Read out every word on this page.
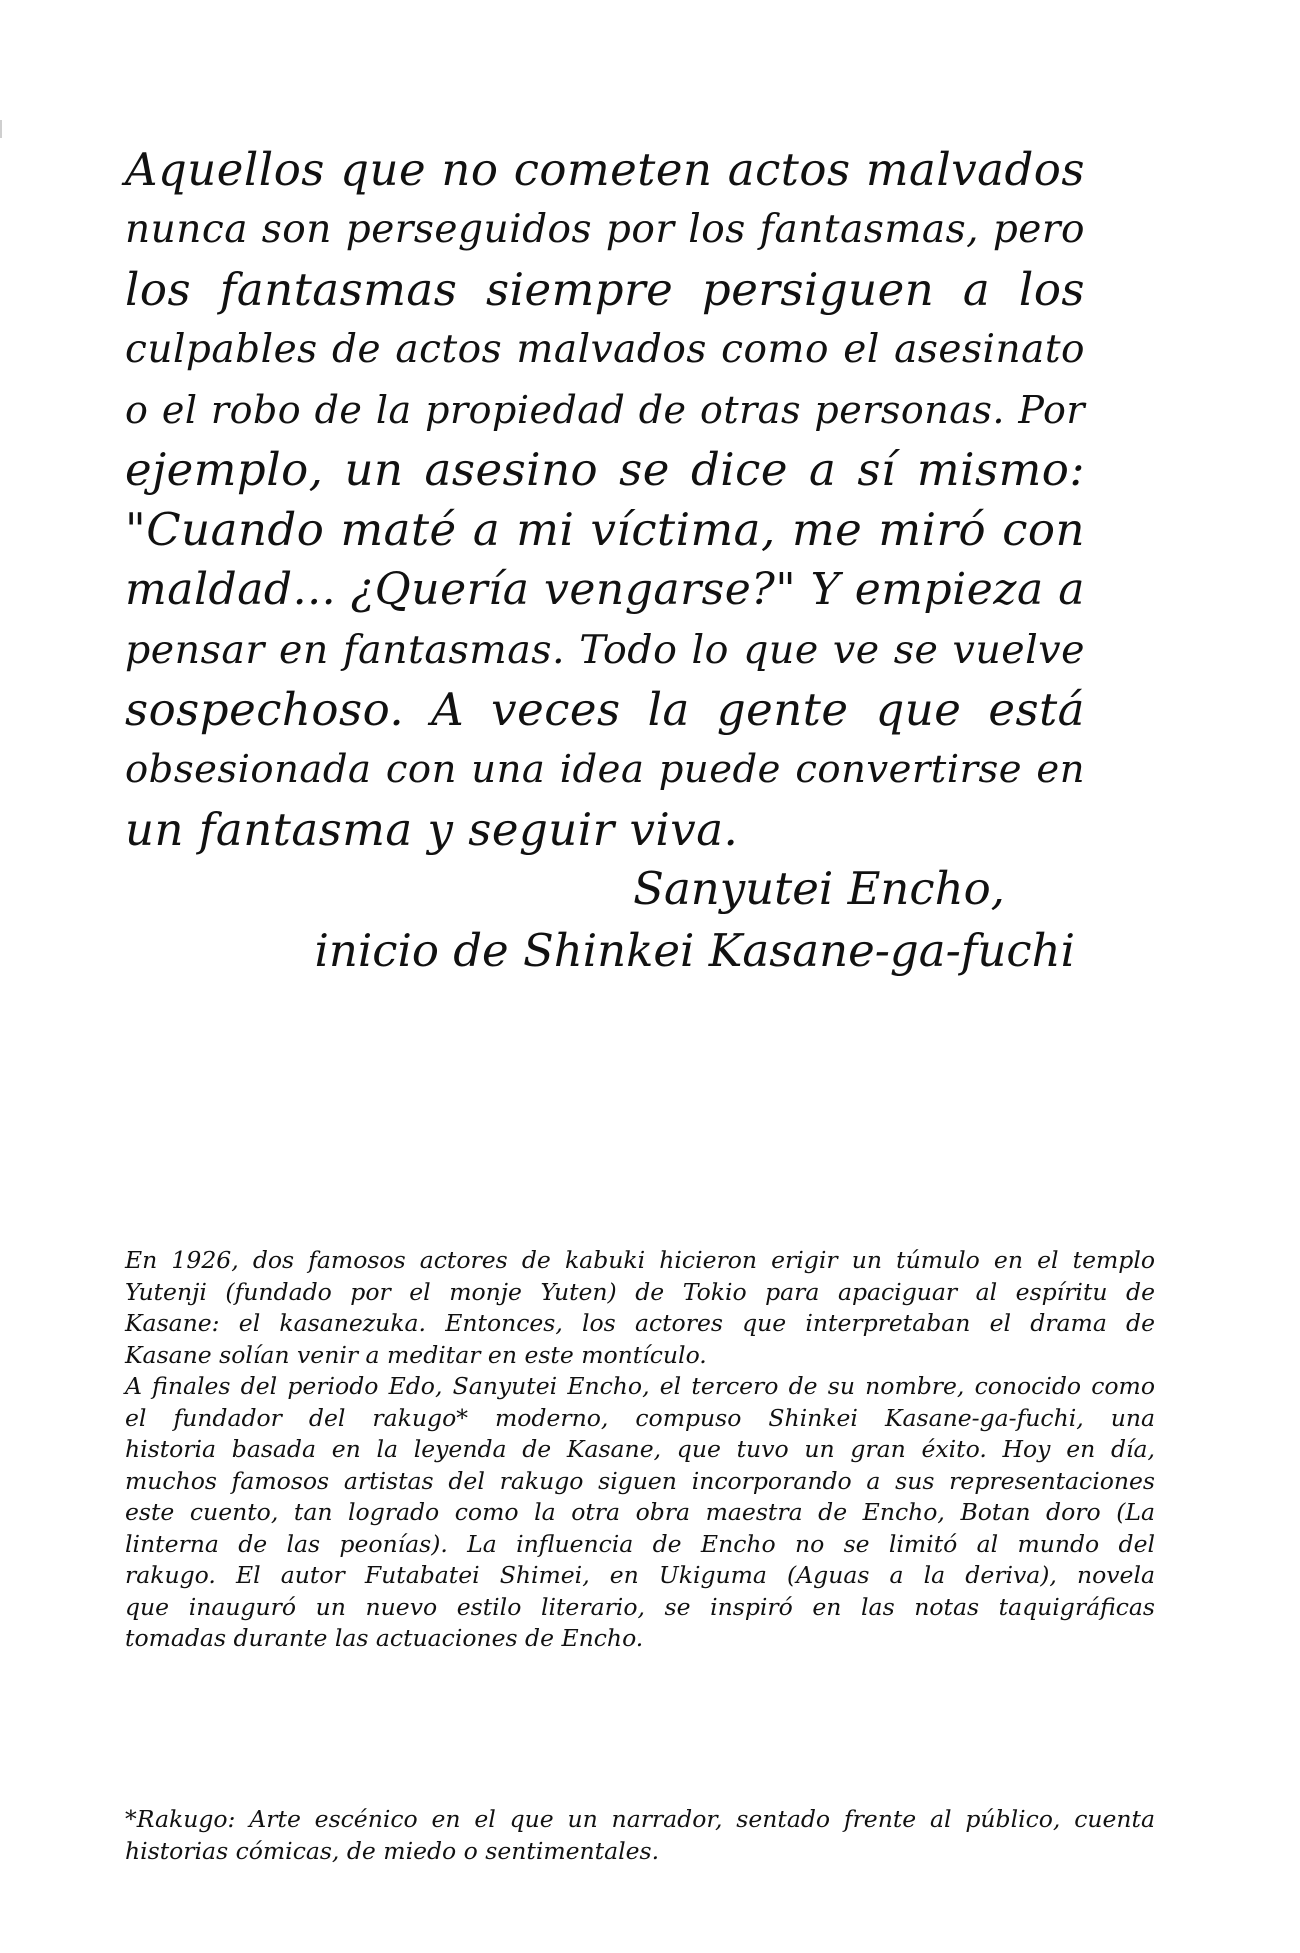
Aquellos que no cometen actos malvados
nunca son perseguidos por los fantasmas, pero
los fantasmas siempre persiguen a los
culpables de actos malvados como el asesinato
o el robo de la propiedad de otras personas. Por
ejemplo, un asesino se dice a sí mismo:
"Cuando maté a mi víctima, me miró con
maldad... ¿Quería vengarse?" Y empieza a
pensar en fantasmas. Todo lo que ve se vuelve
sospechoso. A veces la gente que está
obsesionada con una idea puede convertirse en
un fantasma y seguir viva.
Sanyutei Encho,
inicio de Shinkei Kasane-ga-fuchi
En 1926, dos famosos actores de kabuki hicieron erigir un túmulo en el templo
Yutenji (fundado por el monje Yuten) de Tokio para apaciguar al espíritu de
Kasane: el kasanezuka. Entonces, los actores que interpretaban el drama de
Kasane solían venir a meditar en este montículo.
A finales del periodo Edo, Sanyutei Encho, el tercero de su nombre, conocido como
el fundador del rakugo* moderno, compuso Shinkei Kasane-ga-fuchi, una
historia basada en la leyenda de Kasane, que tuvo un gran éxito. Hoy en día,
muchos famosos artistas del rakugo siguen incorporando a sus representaciones
este cuento, tan logrado como la otra obra maestra de Encho, Botan doro (La
linterna de las peonías). La influencia de Encho no se limitó al mundo del
rakugo. El autor Futabatei Shimei, en Ukiguma (Aguas a la deriva), novela
que inauguró un nuevo estilo literario, se inspiró en las notas taquigráficas
tomadas durante las actuaciones de Encho.
*Rakugo: Arte escénico en el que un narrador, sentado frente al público, cuenta
historias cómicas, de miedo o sentimentales.
